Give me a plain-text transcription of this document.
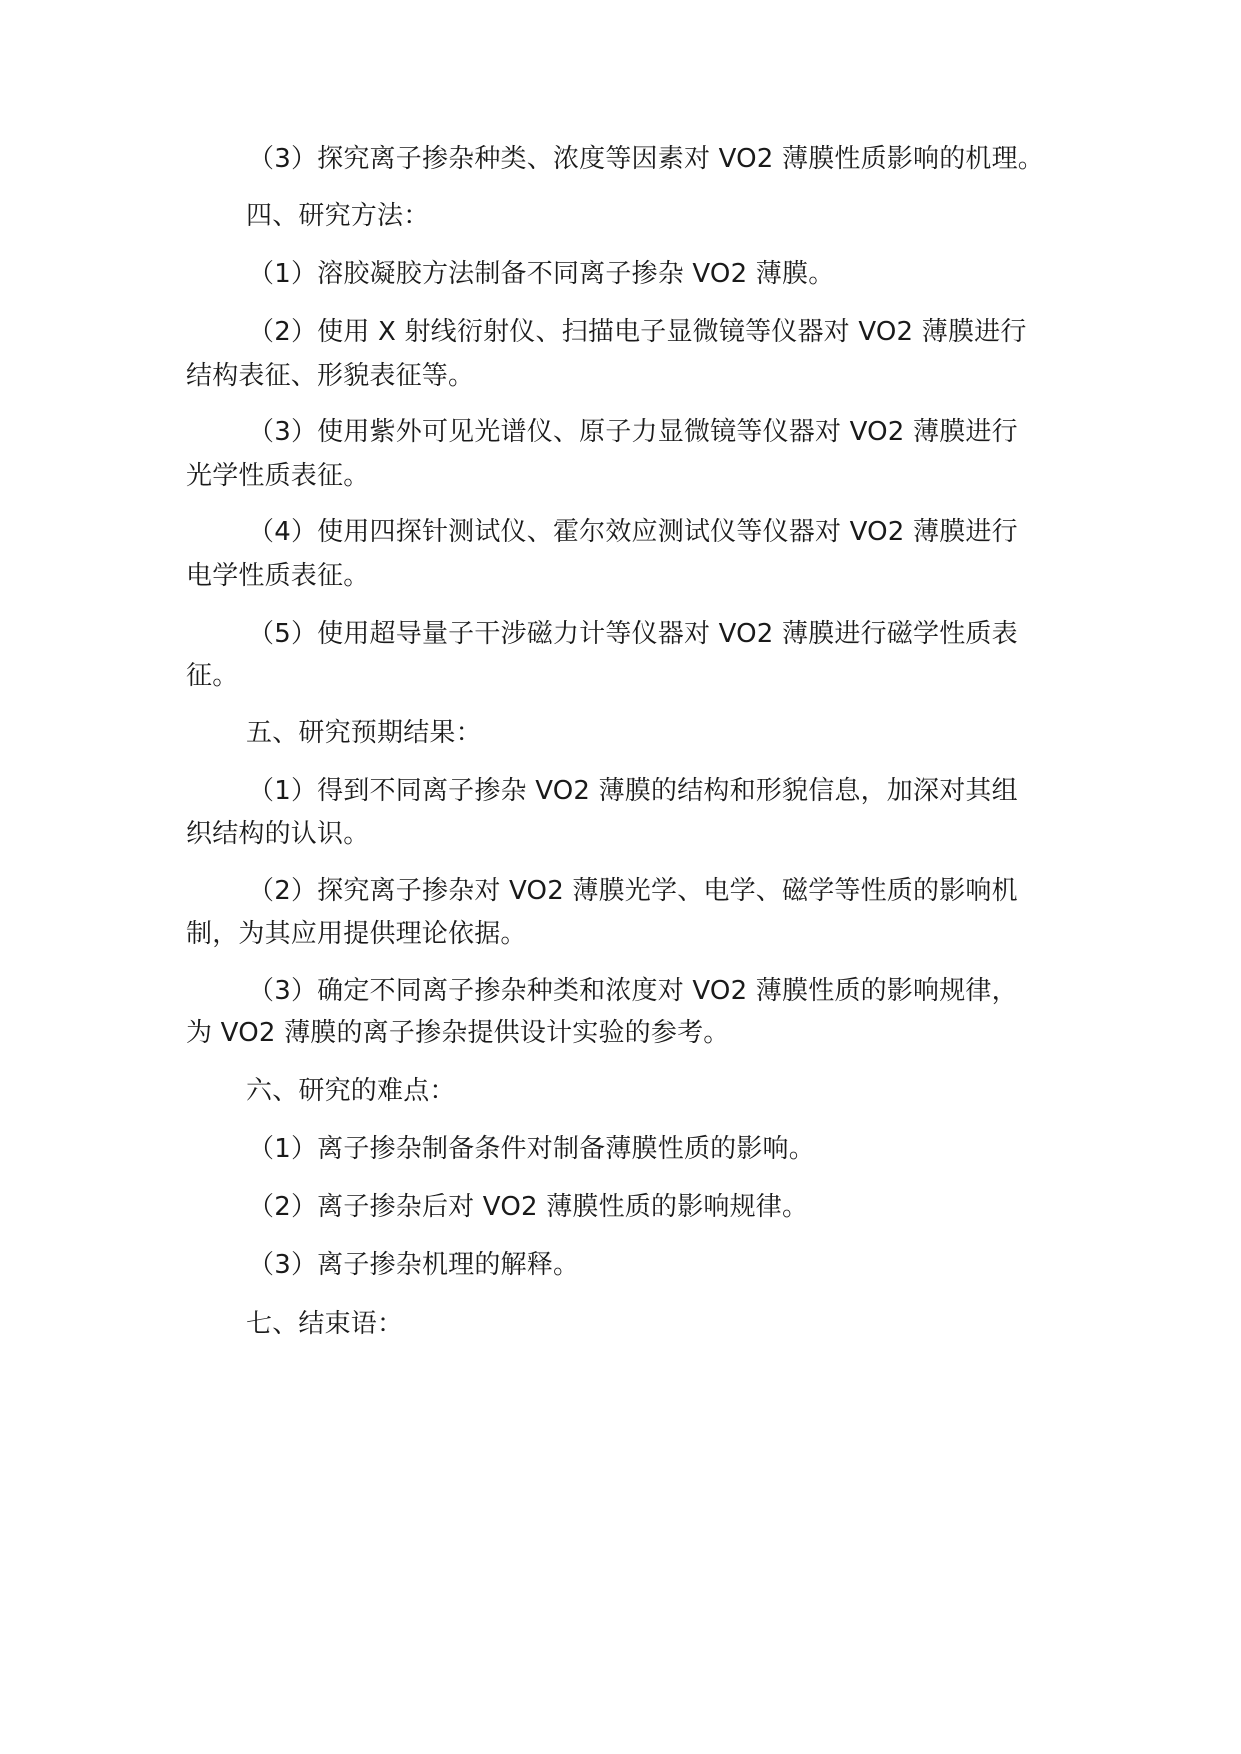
（3）探究离子掺杂种类、浓度等因素对 VO2 薄膜性质影响的机理。
四、研究方法：
（1）溶胶凝胶方法制备不同离子掺杂 VO2 薄膜。
（2）使用 X 射线衍射仪、扫描电子显微镜等仪器对 VO2 薄膜进行
结构表征、形貌表征等。
（3）使用紫外可见光谱仪、原子力显微镜等仪器对 VO2 薄膜进行
光学性质表征。
（4）使用四探针测试仪、霍尔效应测试仪等仪器对 VO2 薄膜进行
电学性质表征。
（5）使用超导量子干涉磁力计等仪器对 VO2 薄膜进行磁学性质表
征。
五、研究预期结果：
（1）得到不同离子掺杂 VO2 薄膜的结构和形貌信息，加深对其组
织结构的认识。
（2）探究离子掺杂对 VO2 薄膜光学、电学、磁学等性质的影响机
制，为其应用提供理论依据。
（3）确定不同离子掺杂种类和浓度对 VO2 薄膜性质的影响规律，
为 VO2 薄膜的离子掺杂提供设计实验的参考。
六、研究的难点：
（1）离子掺杂制备条件对制备薄膜性质的影响。
（2）离子掺杂后对 VO2 薄膜性质的影响规律。
（3）离子掺杂机理的解释。
七、结束语：
